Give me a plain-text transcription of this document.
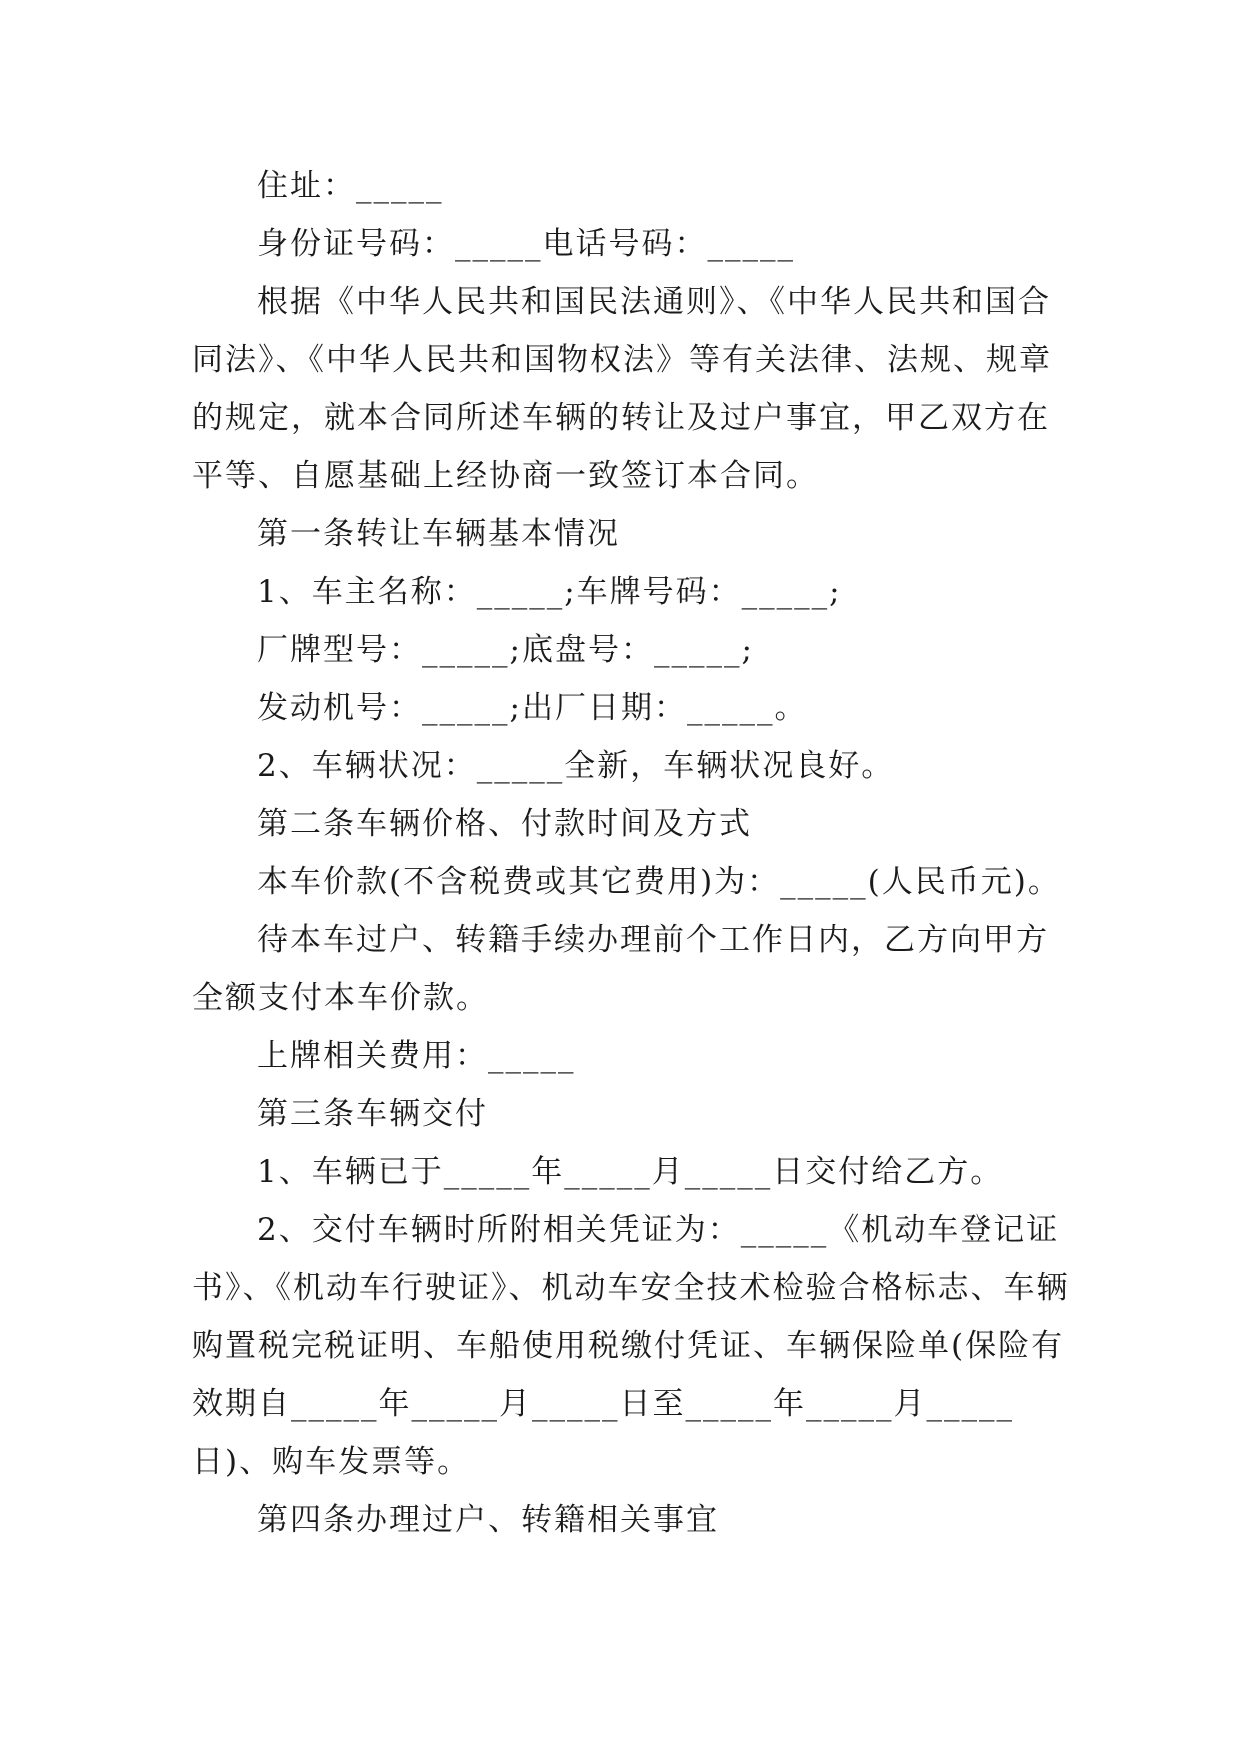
住址：_____

身份证号码：_____电话号码：_____

根据《中华人民共和国民法通则》、《中华人民共和国合同法》、《中华人民共和国物权法》等有关法律、法规、规章的规定，就本合同所述车辆的转让及过户事宜，甲乙双方在平等、自愿基础上经协商一致签订本合同。

第一条转让车辆基本情况

1、车主名称：_____;车牌号码：_____;

厂牌型号：_____;底盘号：_____;

发动机号：_____;出厂日期：_____。

2、车辆状况：_____全新，车辆状况良好。

第二条车辆价格、付款时间及方式

本车价款(不含税费或其它费用)为：_____(人民币元)。

待本车过户、转籍手续办理前个工作日内，乙方向甲方全额支付本车价款。

上牌相关费用：_____

第三条车辆交付

1、车辆已于_____年_____月_____日交付给乙方。

2、交付车辆时所附相关凭证为：_____《机动车登记证书》、《机动车行驶证》、机动车安全技术检验合格标志、车辆购置税完税证明、车船使用税缴付凭证、车辆保险单(保险有效期自_____年_____月_____日至_____年_____月_____日)、购车发票等。

第四条办理过户、转籍相关事宜
